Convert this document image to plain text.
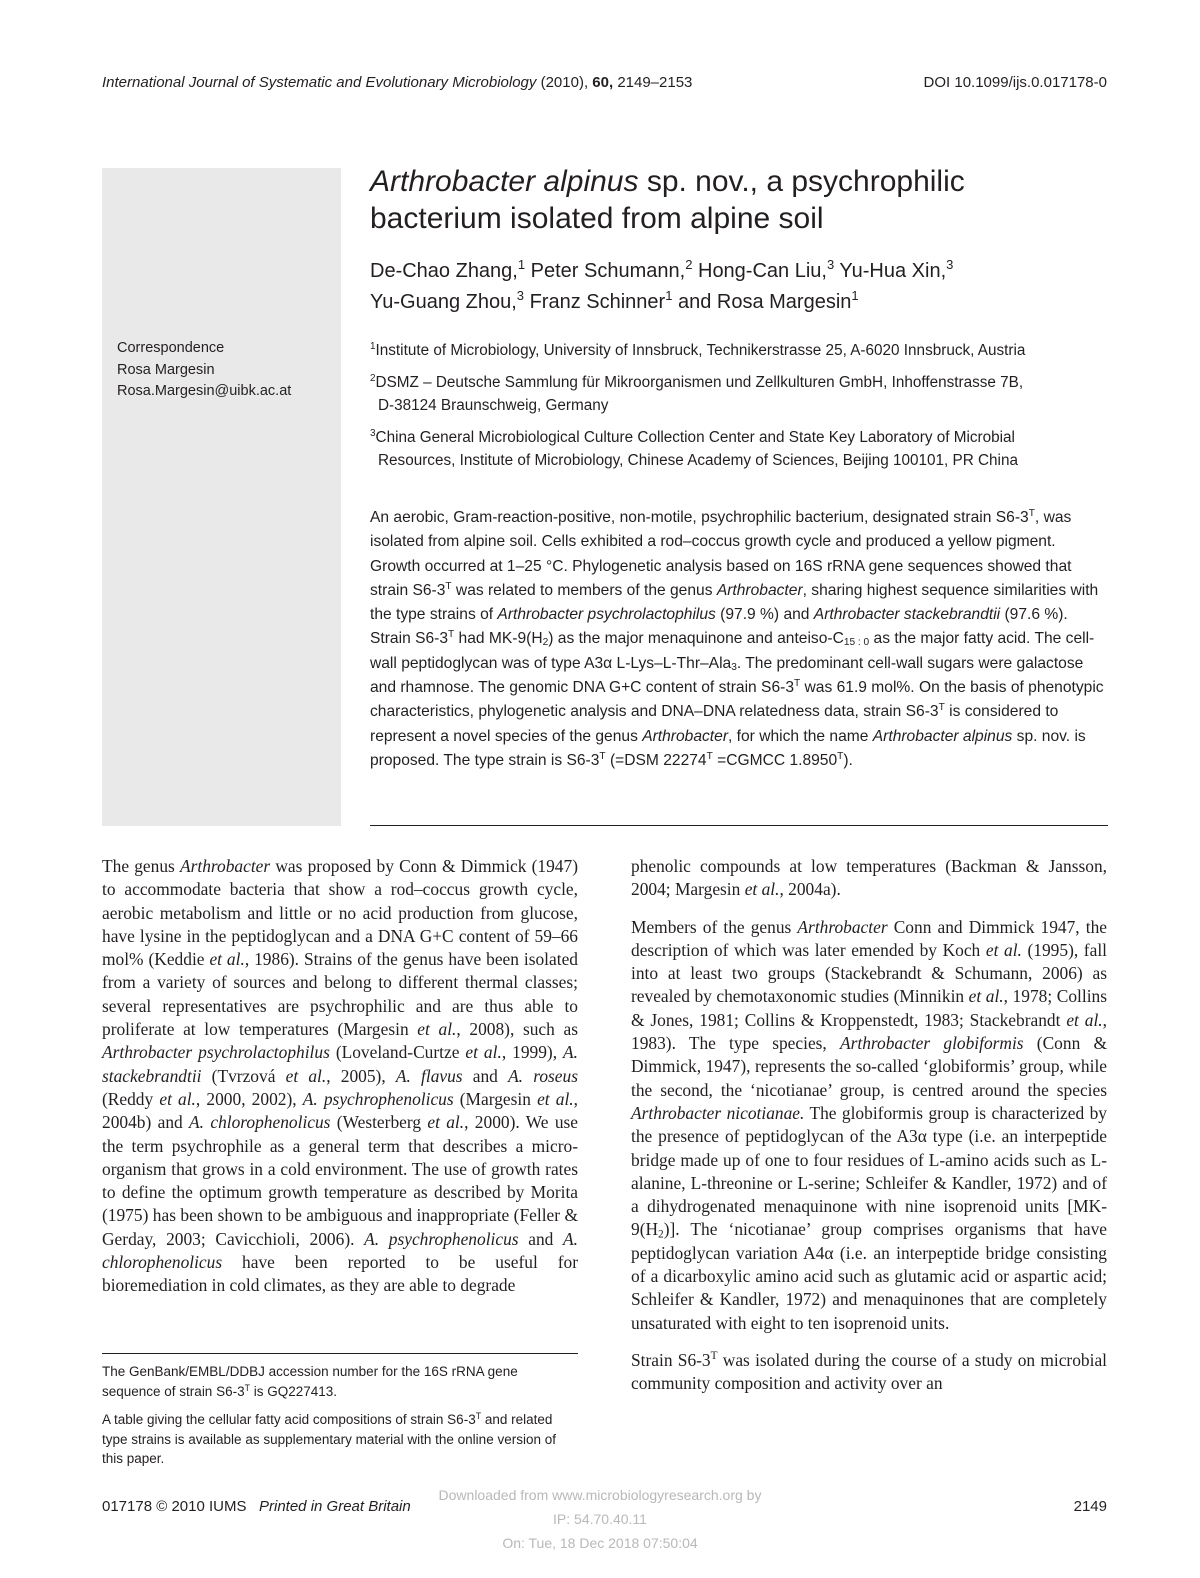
International Journal of Systematic and Evolutionary Microbiology (2010), 60, 2149–2153	DOI 10.1099/ijs.0.017178-0
Correspondence
Rosa Margesin
Rosa.Margesin@uibk.ac.at
Arthrobacter alpinus sp. nov., a psychrophilic
bacterium isolated from alpine soil
De-Chao Zhang,$^1$ Peter Schumann,$^2$ Hong-Can Liu,$^3$ Yu-Hua Xin,$^3$
Yu-Guang Zhou,$^3$ Franz Schinner$^1$ and Rosa Margesin$^1$
$^1$Institute of Microbiology, University of Innsbruck, Technikerstrasse 25, A-6020 Innsbruck, Austria
$^2$DSMZ – Deutsche Sammlung für Mikroorganismen und Zellkulturen GmbH, Inhoffenstrasse 7B,
D-38124 Braunschweig, Germany
$^3$China General Microbiological Culture Collection Center and State Key Laboratory of Microbial
Resources, Institute of Microbiology, Chinese Academy of Sciences, Beijing 100101, PR China
An aerobic, Gram-reaction-positive, non-motile, psychrophilic bacterium, designated strain $S6-3^T$, was isolated from alpine soil. Cells exhibited a rod–coccus growth cycle and produced a yellow pigment. Growth occurred at 1–25 °C. Phylogenetic analysis based on 16S rRNA gene sequences showed that strain $S6-3^T$ was related to members of the genus Arthrobacter, sharing highest sequence similarities with the type strains of Arthrobacter psychrolactophilus (97.9 %) and Arthrobacter stackebrandtii (97.6 %). Strain $S6-3^T$ had $MK-9(H_2)$ as the major menaquinone and anteiso-$C_{15 : 0}$ as the major fatty acid. The cell-wall peptidoglycan was of type A3α L-Lys–L-Thr–Ala$_3$. The predominant cell-wall sugars were galactose and rhamnose. The genomic DNA G+C content of strain $S6-3^T$ was 61.9 mol%. On the basis of phenotypic characteristics, phylogenetic analysis and DNA–DNA relatedness data, strain $S6-3^T$ is considered to represent a novel species of the genus Arthrobacter, for which the name Arthrobacter alpinus sp. nov. is proposed. The type strain is $S6-3^T$ (=DSM $22274^T$ =CGMCC $1.8950^T$).

The genus Arthrobacter was proposed by Conn & Dimmick (1947) to accommodate bacteria that show a rod–coccus growth cycle, aerobic metabolism and little or no acid production from glucose, have lysine in the peptidoglycan and a DNA G+C content of 59–66 mol% (Keddie et al., 1986). Strains of the genus have been isolated from a variety of sources and belong to different thermal classes; several representatives are psychrophilic and are thus able to proliferate at low temperatures (Margesin et al., 2008), such as Arthrobacter psychrolactophilus (Loveland-Curtze et al., 1999), A. stackebrandtii (Tvrzová et al., 2005), A. flavus and A. roseus (Reddy et al., 2000, 2002), A. psychrophenolicus (Margesin et al., 2004b) and A. chlorophenolicus (Westerberg et al., 2000). We use the term psychrophile as a general term that describes a micro-organism that grows in a cold environment. The use of growth rates to define the optimum growth temperature as described by Morita (1975) has been shown to be ambiguous and inappropriate (Feller & Gerday, 2003; Cavicchioli, 2006). A. psychrophenolicus and A. chlorophenolicus have been reported to be useful for bioremediation in cold climates, as they are able to degrade

The GenBank/EMBL/DDBJ accession number for the 16S rRNA gene sequence of strain $S6-3^T$ is GQ227413.
A table giving the cellular fatty acid compositions of strain $S6-3^T$ and related type strains is available as supplementary material with the online version of this paper.

phenolic compounds at low temperatures (Backman & Jansson, 2004; Margesin et al., 2004a).

Members of the genus Arthrobacter Conn and Dimmick 1947, the description of which was later emended by Koch et al. (1995), fall into at least two groups (Stackebrandt & Schumann, 2006) as revealed by chemotaxonomic studies (Minnikin et al., 1978; Collins & Jones, 1981; Collins & Kroppenstedt, 1983; Stackebrandt et al., 1983). The type species, Arthrobacter globiformis (Conn & Dimmick, 1947), represents the so-called ‘globiformis’ group, while the second, the ‘nicotianae’ group, is centred around the species Arthrobacter nicotianae. The globiformis group is characterized by the presence of peptidoglycan of the A3α type (i.e. an interpeptide bridge made up of one to four residues of L-amino acids such as L-alanine, L-threonine or L-serine; Schleifer & Kandler, 1972) and of a dihydrogenated menaquinone with nine isoprenoid units $[MK-9(H_2)]$. The ‘nicotianae’ group comprises organisms that have peptidoglycan variation A4α (i.e. an interpeptide bridge consisting of a dicarboxylic amino acid such as glutamic acid or aspartic acid; Schleifer & Kandler, 1972) and menaquinones that are completely unsaturated with eight to ten isoprenoid units.

Strain $S6-3^T$ was isolated during the course of a study on microbial community composition and activity over an

Downloaded from www.microbiologyresearch.org by
IP: 54.70.40.11
On: Tue, 18 Dec 2018 07:50:04
017178 © 2010 IUMS Printed in Great Britain	2149
